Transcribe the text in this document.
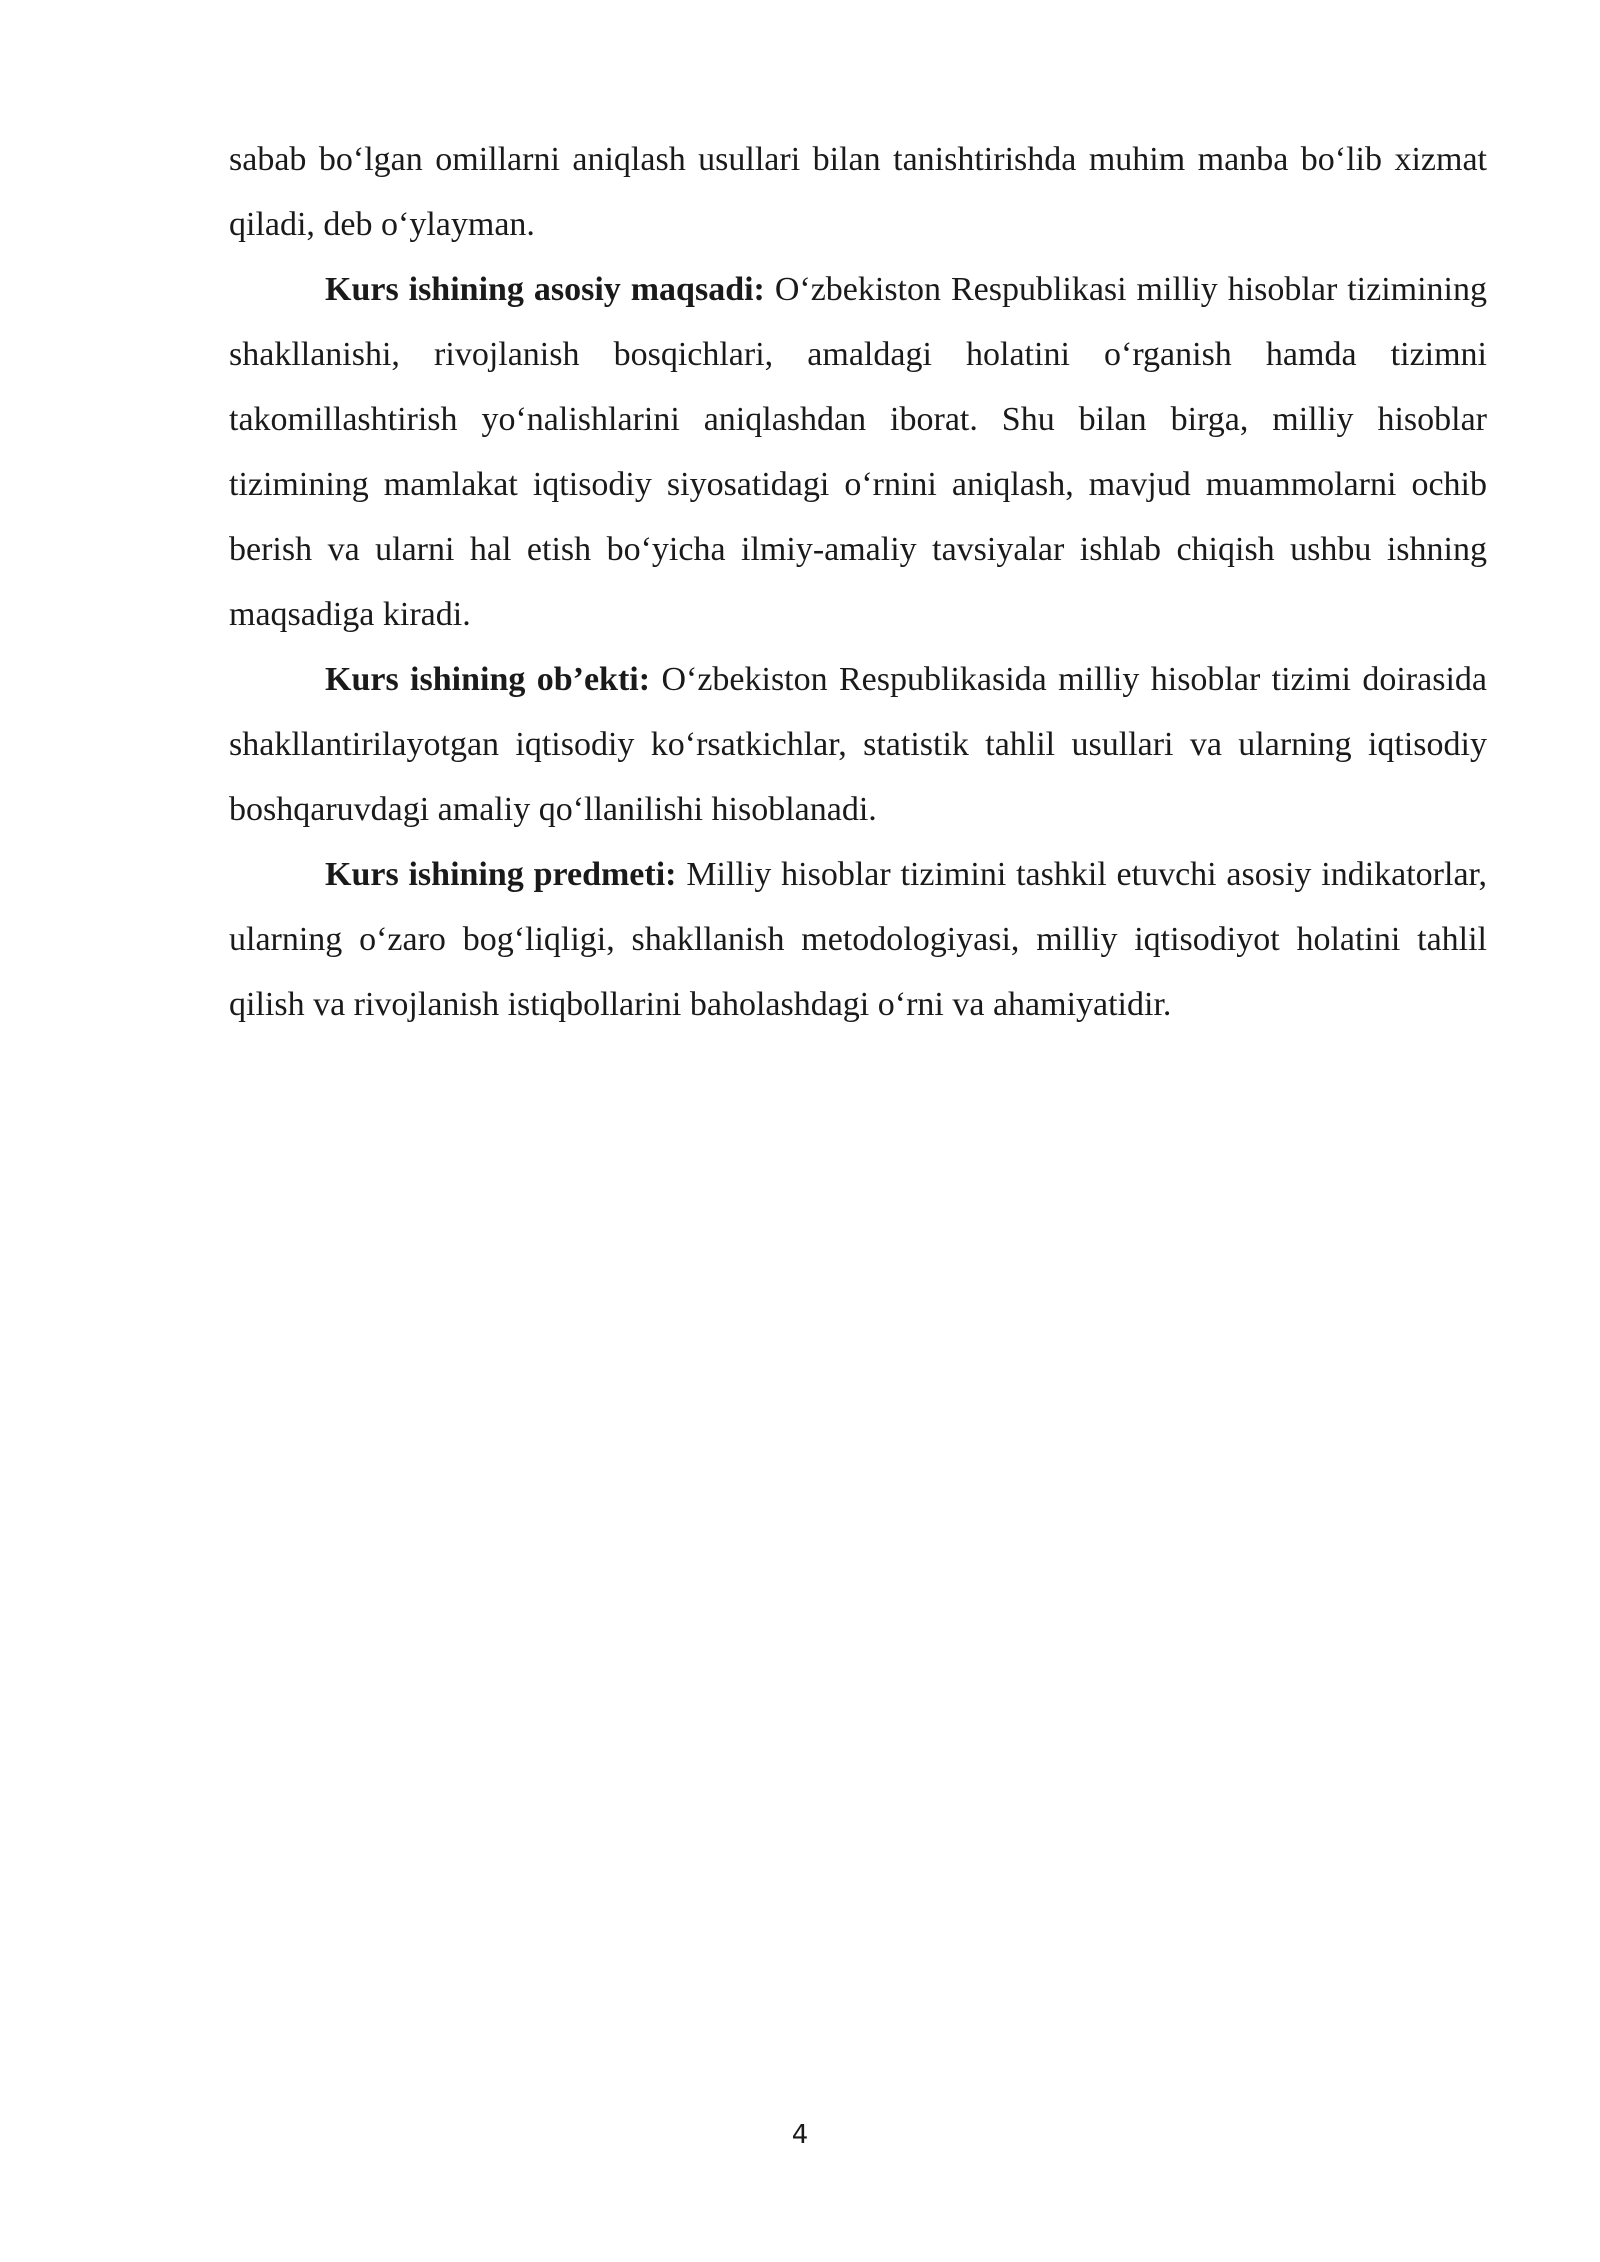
sabab bo‘lgan omillarni aniqlash usullari bilan tanishtirishda muhim manba bo‘lib xizmat qiladi, deb o‘ylayman.

Kurs ishining asosiy maqsadi: O‘zbekiston Respublikasi milliy hisoblar tizimining shakllanishi, rivojlanish bosqichlari, amaldagi holatini o‘rganish hamda tizimni takomillashtirish yo‘nalishlarini aniqlashdan iborat. Shu bilan birga, milliy hisoblar tizimining mamlakat iqtisodiy siyosatidagi o‘rnini aniqlash, mavjud muammolarni ochib berish va ularni hal etish bo‘yicha ilmiy-amaliy tavsiyalar ishlab chiqish ushbu ishning maqsadiga kiradi.

Kurs ishining ob’ekti: O‘zbekiston Respublikasida milliy hisoblar tizimi doirasida shakllantirilayotgan iqtisodiy ko‘rsatkichlar, statistik tahlil usullari va ularning iqtisodiy boshqaruvdagi amaliy qo‘llanilishi hisoblanadi.

Kurs ishining predmeti: Milliy hisoblar tizimini tashkil etuvchi asosiy indikatorlar, ularning o‘zaro bog‘liqligi, shakllanish metodologiyasi, milliy iqtisodiyot holatini tahlil qilish va rivojlanish istiqbollarini baholashdagi o‘rni va ahamiyatidir.

4
